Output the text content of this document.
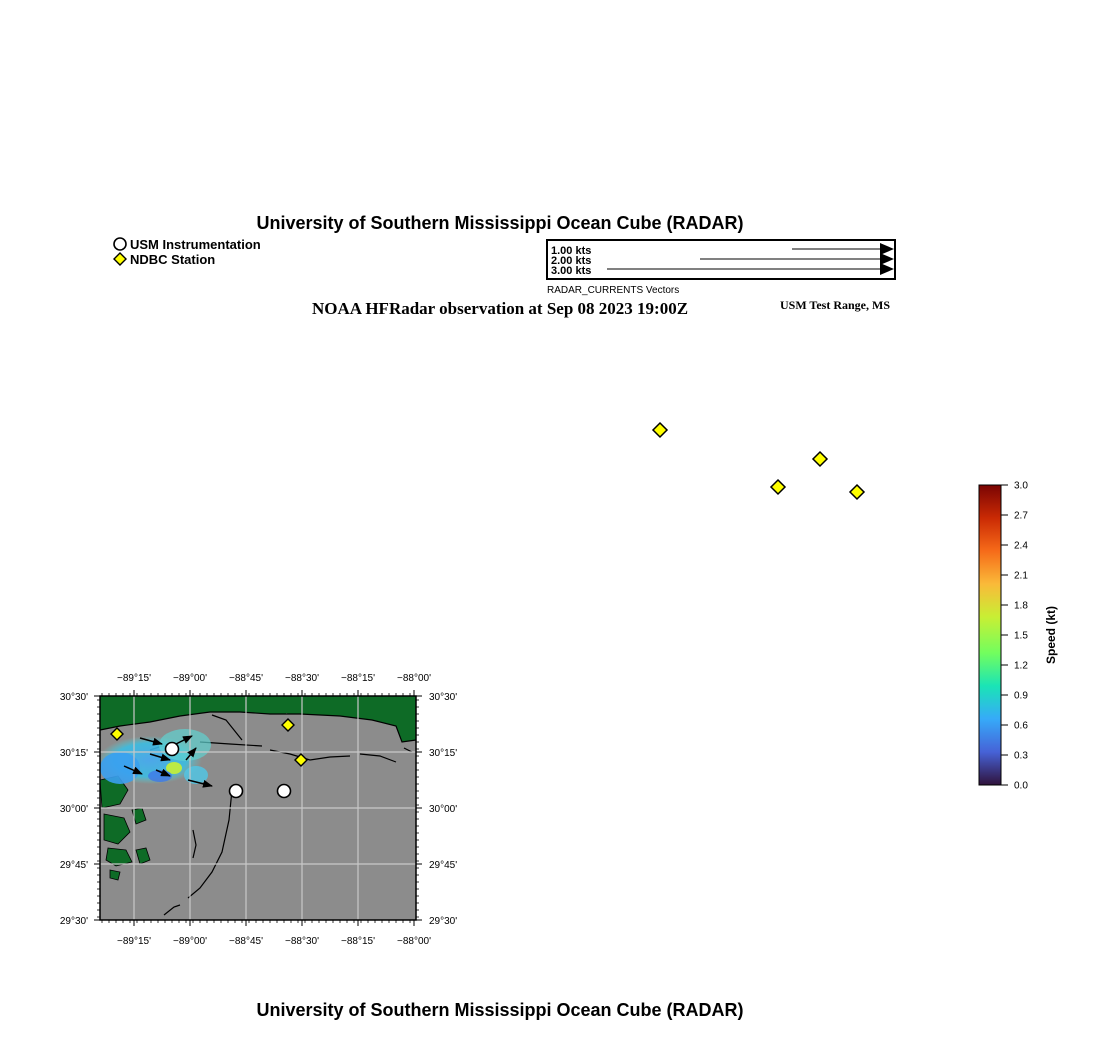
University of Southern Mississippi Ocean Cube (RADAR)
USM Instrumentation
NDBC Station
1.00 kts
2.00 kts
3.00 kts
RADAR_CURRENTS Vectors
NOAA HFRadar observation at Sep 08 2023 19:00Z	USM Test Range, MS
−89°15'
−89°15'
−89°00'
−89°00'
−88°45'
−88°45'
−88°30'
−88°30'
−88°15'
−88°15'
−88°00'
−88°00'
30°30'	30°30'
30°15'	30°15'
30°00'	30°00'
29°45'	29°45'
29°30'	29°30'
3.0
2.7
2.4
2.1
1.8
1.5
1.2
0.9
0.6
0.3
0.0
Speed (kt)
University of Southern Mississippi Ocean Cube (RADAR)
